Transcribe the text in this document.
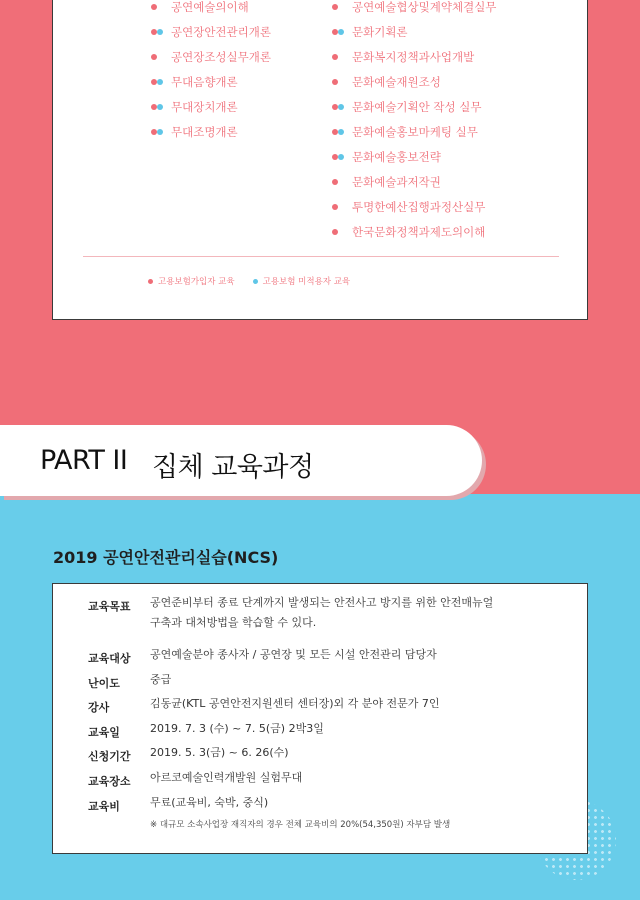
공연예술의이해
공연장안전관리개론
공연장조성실무개론
무대음향개론
무대장치개론
무대조명개론
공연예술협상및계약체결실무
문화기획론
문화복지정책과사업개발
문화예술재원조성
문화예술기획안 작성 실무
문화예술홍보마케팅 실무
문화예술홍보전략
문화예술과저작권
투명한예산집행과정산실무
한국문화정책과제도의이해
고용보험가입자 교육	고용보험 미적용자 교육
PART II 집체 교육과정
2019 공연안전관리실습(NCS)
교육목표 공연준비부터 종료 단계까지 발생되는 안전사고 방지를 위한 안전매뉴얼
구축과 대처방법을 학습할 수 있다.
교육대상 공연예술분야 종사자 / 공연장 및 모든 시설 안전관리 담당자
난이도	중급
강사	김동균(KTL 공연안전지원센터 센터장)외 각 분야 전문가 7인
교육일	2019. 7. 3 (수) ~ 7. 5(금) 2박3일
신청기간 2019. 5. 3(금) ~ 6. 26(수)
교육장소 아르코예술인력개발원 실험무대
교육비	무료(교육비, 숙박, 중식)
※ 대규모 소속사업장 재직자의 경우 전체 교육비의 20%(54,350원) 자부담 발생
